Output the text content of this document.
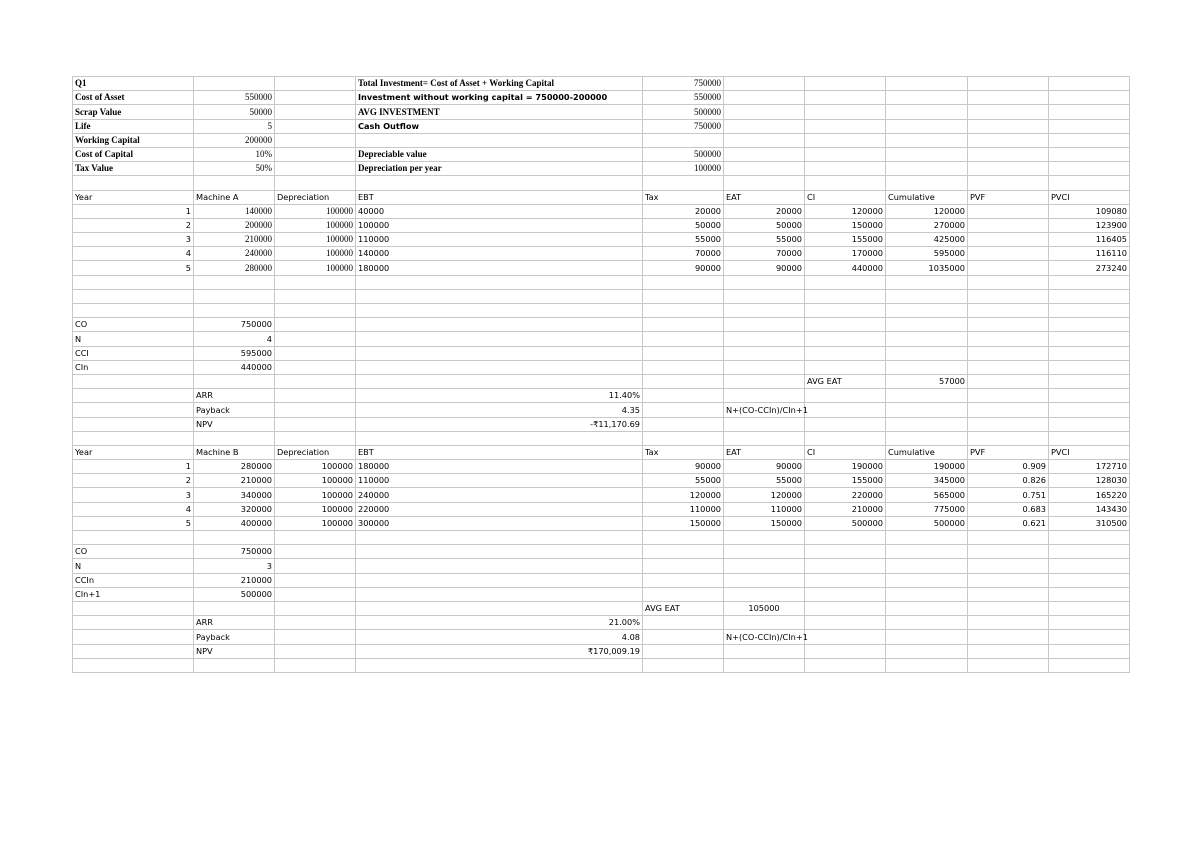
Q1			Total Investment= Cost of Asset + Working Capital	750000					
Cost of Asset	550000		Investment without working capital = 750000-200000	550000					
Scrap Value	50000		AVG INVESTMENT	500000					
Life	5		Cash Outflow	750000					
Working Capital	200000								
Cost of Capital	10%		Depreciable value	500000					
Tax Value	50%		Depreciation per year	100000					

Year	Machine A	Depreciation	EBT	Tax	EAT	CI	Cumulative	PVF	PVCI
1	140000	100000	40000	20000	20000	120000	120000		109080
2	200000	100000	100000	50000	50000	150000	270000		123900
3	210000	100000	110000	55000	55000	155000	425000		116405
4	240000	100000	140000	70000	70000	170000	595000		116110
5	280000	100000	180000	90000	90000	440000	1035000		273240

CO	750000								
N	4								
CCI	595000								
CIn	440000								
						AVG EAT	57000		
	ARR		11.40%						
	Payback		4.35		N+(CO-CCIn)/CIn+1				
	NPV		-₹11,170.69						

Year	Machine B	Depreciation	EBT	Tax	EAT	CI	Cumulative	PVF	PVCI
1	280000	100000	180000	90000	90000	190000	190000	0.909	172710
2	210000	100000	110000	55000	55000	155000	345000	0.826	128030
3	340000	100000	240000	120000	120000	220000	565000	0.751	165220
4	320000	100000	220000	110000	110000	210000	775000	0.683	143430
5	400000	100000	300000	150000	150000	500000	500000	0.621	310500

CO	750000								
N	3								
CCIn	210000								
CIn+1	500000								
				AVG EAT	105000				
	ARR		21.00%						
	Payback		4.08		N+(CO-CCIn)/CIn+1				
	NPV		₹170,009.19						
